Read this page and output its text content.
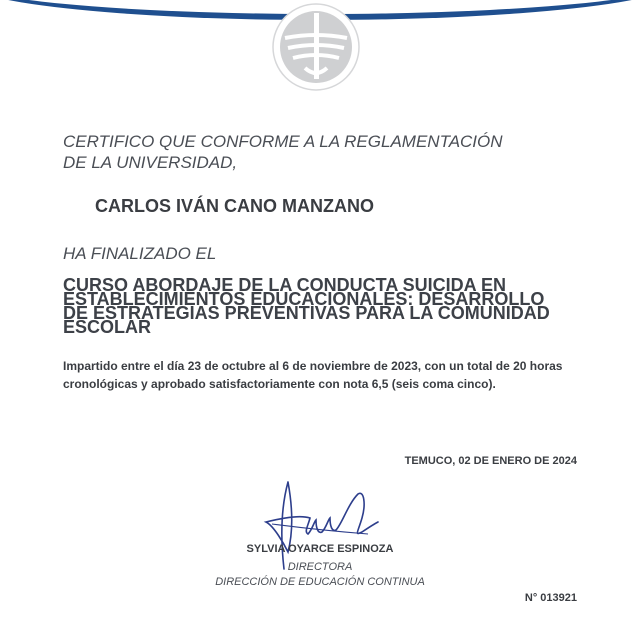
CERTIFICO QUE CONFORME A LA REGLAMENTACIÓN
DE LA UNIVERSIDAD,

CARLOS IVÁN CANO MANZANO

HA FINALIZADO EL

CURSO ABORDAJE DE LA CONDUCTA SUICIDA EN ESTABLECIMIENTOS EDUCACIONALES: DESARROLLO DE ESTRATEGIAS PREVENTIVAS PARA LA COMUNIDAD ESCOLAR

Impartido entre el día 23 de octubre al 6 de noviembre de 2023, con un total de 20 horas cronológicas y aprobado satisfactoriamente con nota 6,5 (seis coma cinco).

TEMUCO, 02 DE ENERO DE 2024

SYLVIA OYARCE ESPINOZA

DIRECTORA

DIRECCIÓN DE EDUCACIÓN CONTINUA

N° 013921
